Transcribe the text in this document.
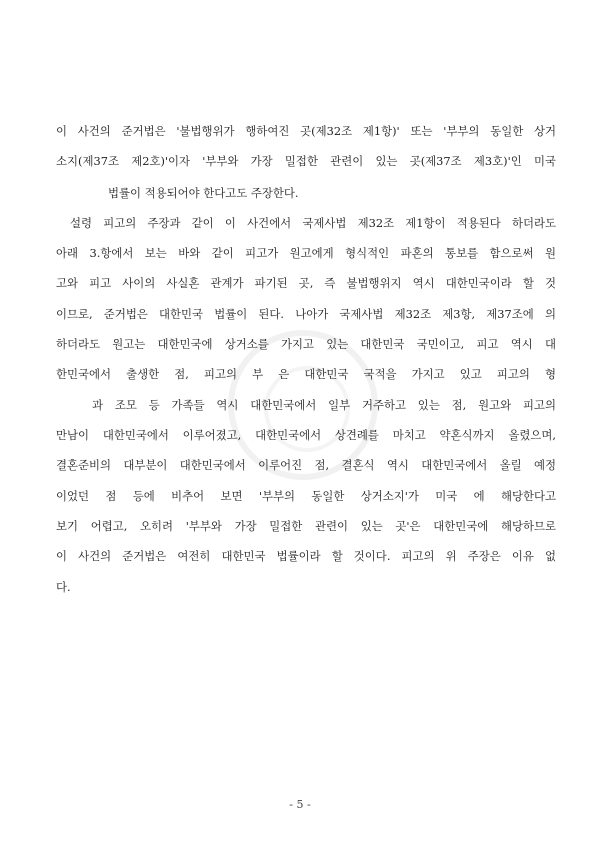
이 사건의 준거법은 '불법행위가 행하여진 곳(제32조 제1항)' 또는 '부부의 동일한 상거
소지(제37조 제2호)'이자 '부부와 가장 밀접한 관련이 있는 곳(제37조 제3호)'인 미국
법률이 적용되어야 한다고도 주장한다.
설령 피고의 주장과 같이 이 사건에서 국제사법 제32조 제1항이 적용된다 하더라도
아래 3.항에서 보는 바와 같이 피고가 원고에게 형식적인 파혼의 통보를 함으로써 원
고와 피고 사이의 사실혼 관계가 파기된 곳, 즉 불법행위지 역시 대한민국이라 할 것
이므로, 준거법은 대한민국 법률이 된다. 나아가 국제사법 제32조 제3항, 제37조에 의
하더라도 원고는 대한민국에 상거소를 가지고 있는 대한민국 국민이고, 피고 역시 대
한민국에서 출생한 점, 피고의 부 은 대한민국 국적을 가지고 있고 피고의 형
과 조모 등 가족들 역시 대한민국에서 일부 거주하고 있는 점, 원고와 피고의
만남이 대한민국에서 이루어졌고, 대한민국에서 상견례를 마치고 약혼식까지 올렸으며,
결혼준비의 대부분이 대한민국에서 이루어진 점, 결혼식 역시 대한민국에서 올릴 예정
이었던 점 등에 비추어 보면 '부부의 동일한 상거소지'가 미국 에 해당한다고
보기 어렵고, 오히려 '부부와 가장 밀접한 관련이 있는 곳'은 대한민국에 해당하므로
이 사건의 준거법은 여전히 대한민국 법률이라 할 것이다. 피고의 위 주장은 이유 없
다.
- 5 -
